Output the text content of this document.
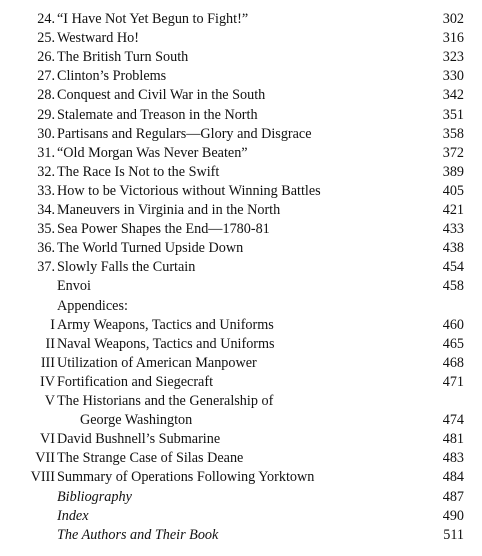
24. “I Have Not Yet Begun to Fight!”	302
25. Westward Ho!	316
26. The British Turn South	323
27. Clinton’s Problems	330
28. Conquest and Civil War in the South	342
29. Stalemate and Treason in the North	351
30. Partisans and Regulars—Glory and Disgrace	358
31. “Old Morgan Was Never Beaten”	372
32. The Race Is Not to the Swift	389
33. How to be Victorious without Winning Battles	405
34. Maneuvers in Virginia and in the North	421
35. Sea Power Shapes the End—1780-81	433
36. The World Turned Upside Down	438
37. Slowly Falls the Curtain	454
Envoi	458
Appendices:
I Army Weapons, Tactics and Uniforms	460
II Naval Weapons, Tactics and Uniforms	465
III Utilization of American Manpower	468
IV Fortification and Siegecraft	471
V The Historians and the Generalship of
George Washington	474
VI David Bushnell’s Submarine	481
VII The Strange Case of Silas Deane	483
VIII Summary of Operations Following Yorktown	484
Bibliography	487
Index	490
The Authors and Their Book	511
